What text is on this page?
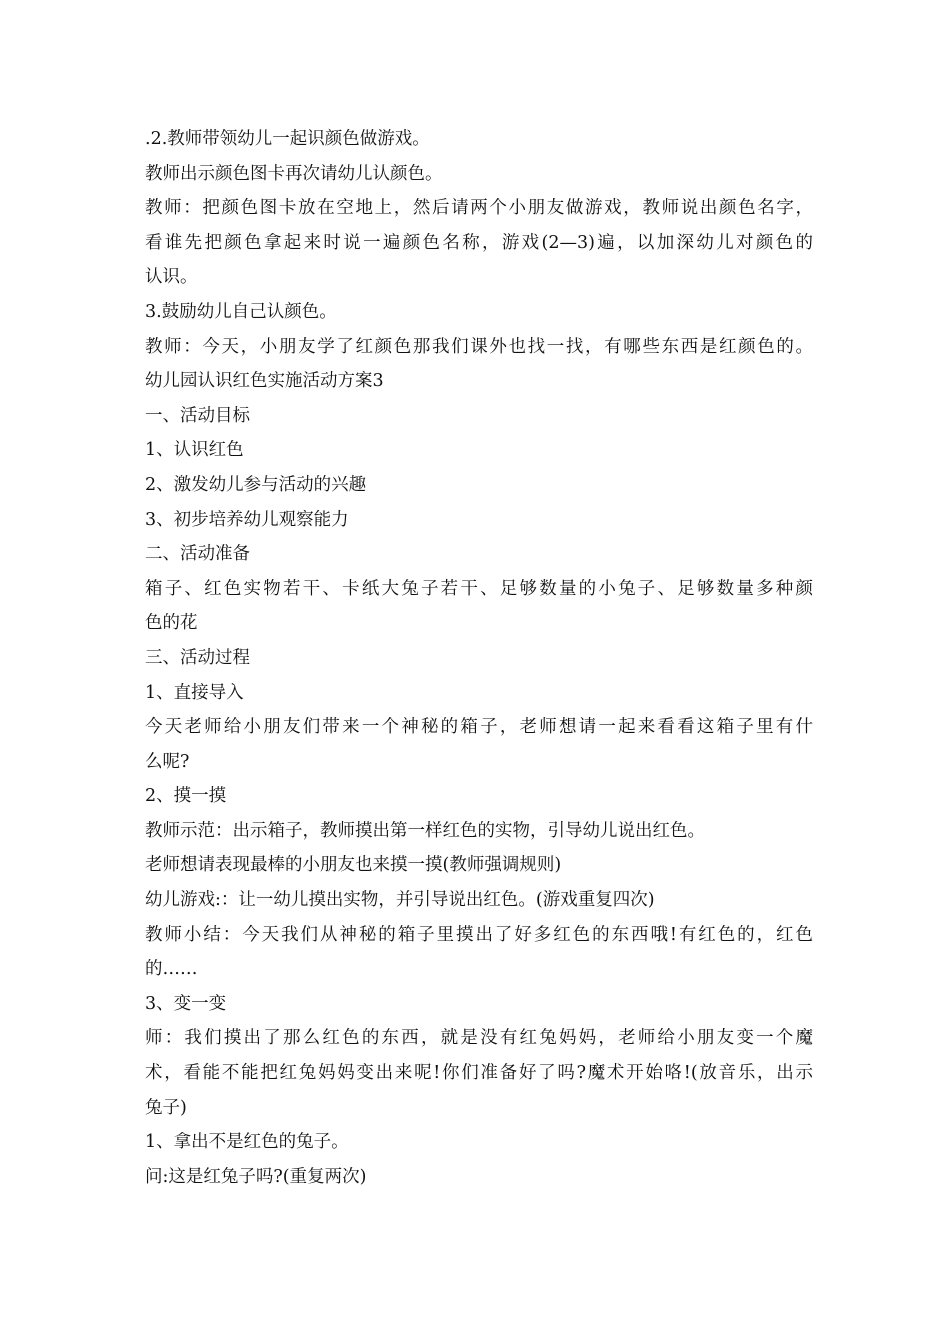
.2.教师带领幼儿一起识颜色做游戏。

教师出示颜色图卡再次请幼儿认颜色。

教师：把颜色图卡放在空地上，然后请两个小朋友做游戏，教师说出颜色名字，

看谁先把颜色拿起来时说一遍颜色名称，游戏(2—3)遍，以加深幼儿对颜色的

认识。

3.鼓励幼儿自己认颜色。

教师：今天，小朋友学了红颜色那我们课外也找一找，有哪些东西是红颜色的。

幼儿园认识红色实施活动方案3

一、活动目标

1、认识红色

2、激发幼儿参与活动的兴趣

3、初步培养幼儿观察能力

二、活动准备

箱子、红色实物若干、卡纸大兔子若干、足够数量的小兔子、足够数量多种颜

色的花

三、活动过程

1、直接导入

今天老师给小朋友们带来一个神秘的箱子，老师想请一起来看看这箱子里有什

么呢?

2、摸一摸

教师示范：出示箱子，教师摸出第一样红色的实物，引导幼儿说出红色。

老师想请表现最棒的小朋友也来摸一摸(教师强调规则)

幼儿游戏:：让一幼儿摸出实物，并引导说出红色。(游戏重复四次)

教师小结：今天我们从神秘的箱子里摸出了好多红色的东西哦!有红色的，红色

的……

3、变一变

师：我们摸出了那么红色的东西，就是没有红兔妈妈，老师给小朋友变一个魔

术，看能不能把红兔妈妈变出来呢!你们准备好了吗?魔术开始咯!(放音乐，出示

兔子)

1、拿出不是红色的兔子。

问:这是红兔子吗?(重复两次)
